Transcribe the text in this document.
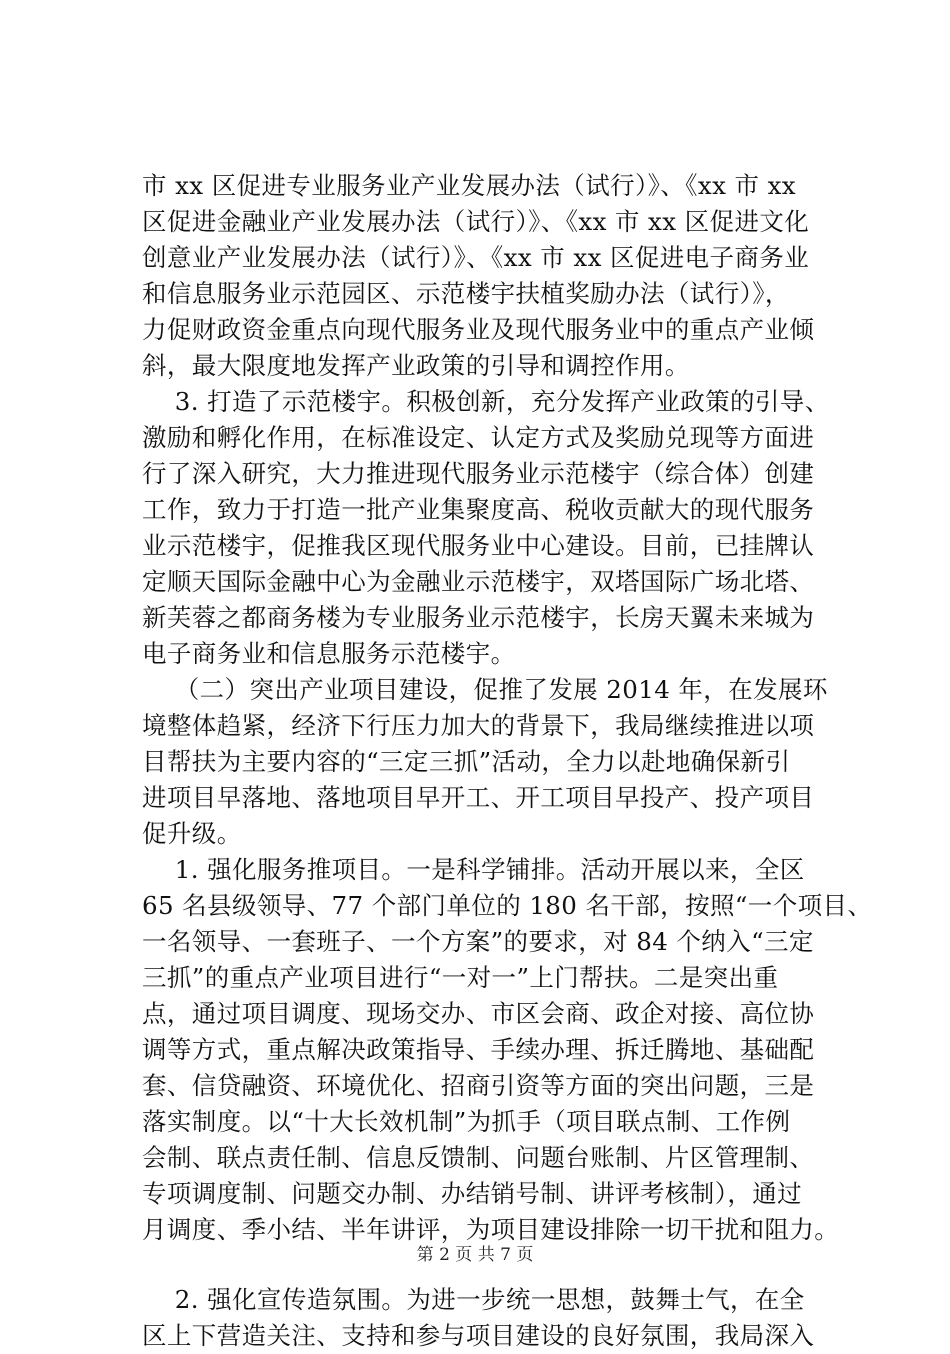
市 xx 区促进专业服务业产业发展办法（试行）》、《xx 市 xx
区促进金融业产业发展办法（试行）》、《xx 市 xx 区促进文化
创意业产业发展办法（试行）》、《xx 市 xx 区促进电子商务业
和信息服务业示范园区、示范楼宇扶植奖励办法（试行）》，
力促财政资金重点向现代服务业及现代服务业中的重点产业倾
斜，最大限度地发挥产业政策的引导和调控作用。
3. 打造了示范楼宇。积极创新，充分发挥产业政策的引导、
激励和孵化作用，在标准设定、认定方式及奖励兑现等方面进
行了深入研究，大力推进现代服务业示范楼宇（综合体）创建
工作，致力于打造一批产业集聚度高、税收贡献大的现代服务
业示范楼宇，促推我区现代服务业中心建设。目前，已挂牌认
定顺天国际金融中心为金融业示范楼宇，双塔国际广场北塔、
新芙蓉之都商务楼为专业服务业示范楼宇，长房天翼未来城为
电子商务业和信息服务示范楼宇。
（二）突出产业项目建设，促推了发展 2014 年，在发展环
境整体趋紧，经济下行压力加大的背景下，我局继续推进以项
目帮扶为主要内容的“三定三抓”活动，全力以赴地确保新引
进项目早落地、落地项目早开工、开工项目早投产、投产项目
促升级。
1. 强化服务推项目。一是科学铺排。活动开展以来，全区
65 名县级领导、77 个部门单位的 180 名干部，按照“一个项目、
一名领导、一套班子、一个方案”的要求，对 84 个纳入“三定
三抓”的重点产业项目进行“一对一”上门帮扶。二是突出重
点，通过项目调度、现场交办、市区会商、政企对接、高位协
调等方式，重点解决政策指导、手续办理、拆迁腾地、基础配
套、信贷融资、环境优化、招商引资等方面的突出问题，三是
落实制度。以“十大长效机制”为抓手（项目联点制、工作例
会制、联点责任制、信息反馈制、问题台账制、片区管理制、
专项调度制、问题交办制、办结销号制、讲评考核制），通过
月调度、季小结、半年讲评，为项目建设排除一切干扰和阻力。
2. 强化宣传造氛围。为进一步统一思想，鼓舞士气，在全
区上下营造关注、支持和参与项目建设的良好氛围，我局深入
第 2 页 共 7 页
